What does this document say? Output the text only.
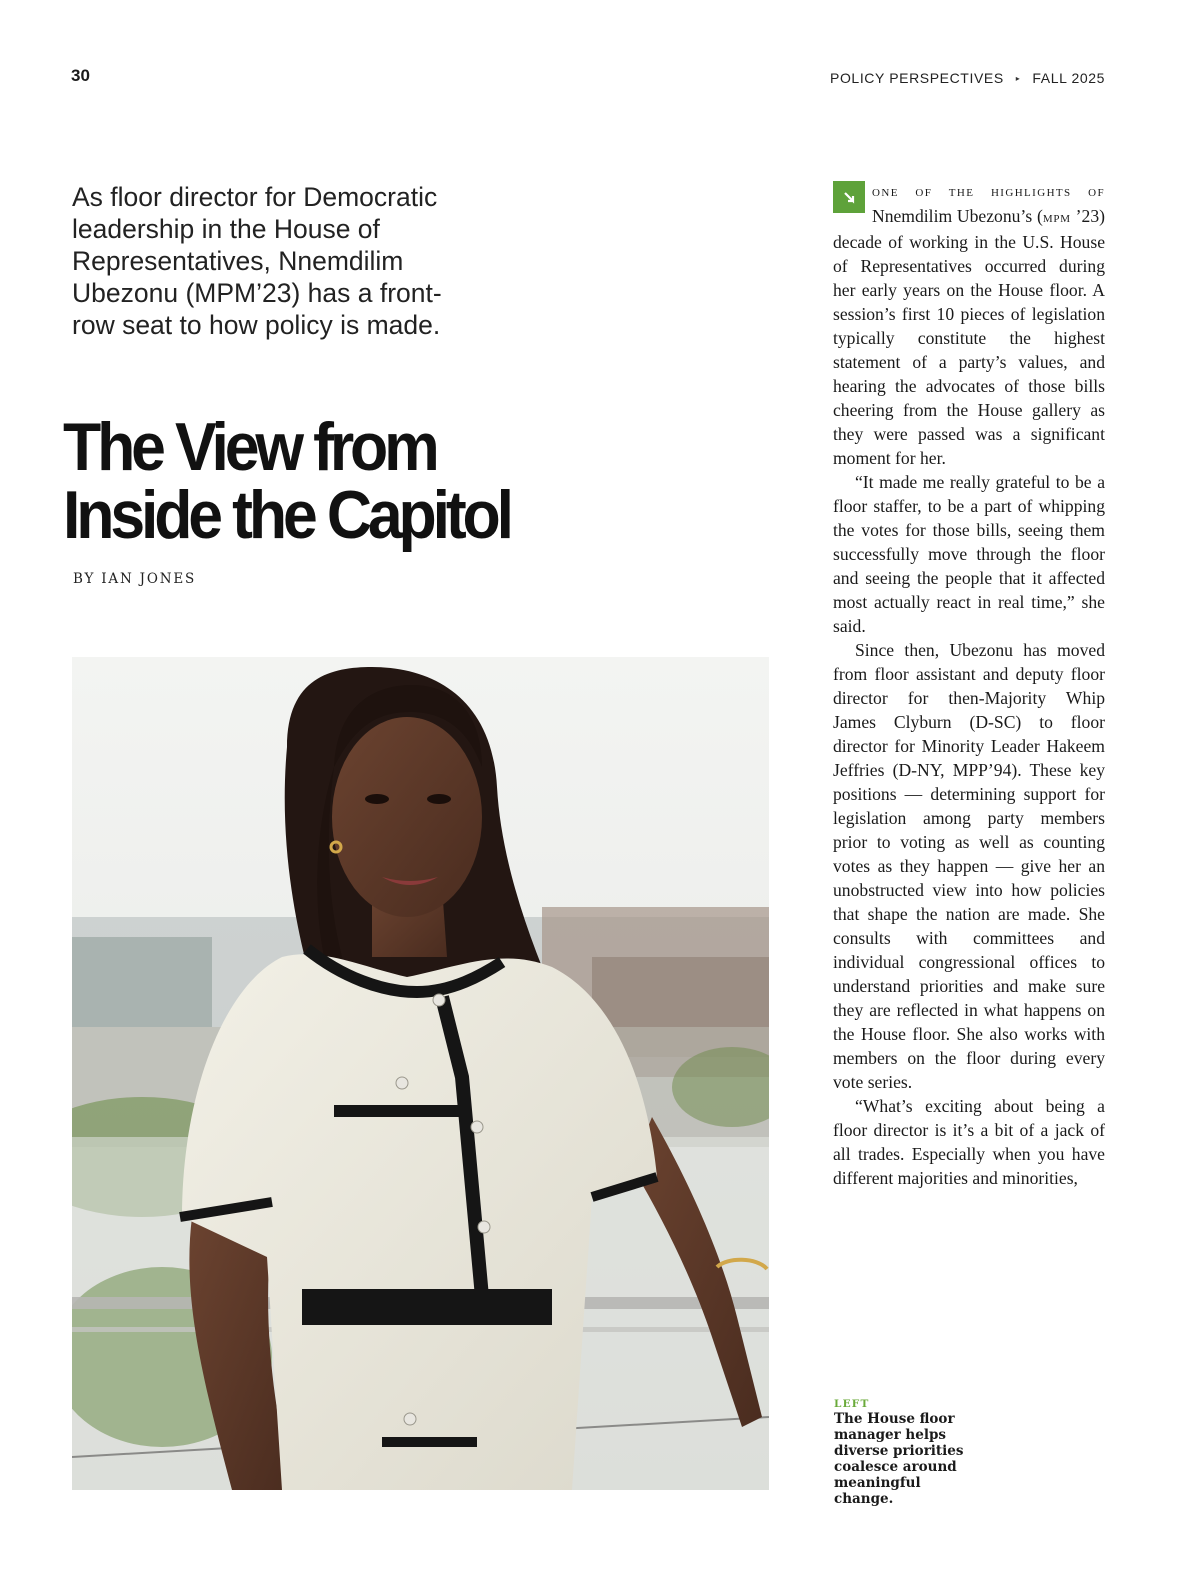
30	POLICY PERSPECTIVES ▸ FALL 2025
As floor director for Democratic leadership in the House of Representatives, Nnemdilim Ubezonu (MPM’23) has a front-row seat to how policy is made.
The View from
Inside the Capitol
BY IAN JONES

one of the highlights of Nnemdilim Ubezonu’s (mpm ’23) decade of working in the U.S. House of Representatives occurred during her early years on the House floor. A session’s first 10 pieces of legislation typically constitute the highest statement of a party’s values, and hearing the advocates of those bills cheering from the House gallery as they were passed was a significant moment for her.

“It made me really grateful to be a floor staffer, to be a part of whipping the votes for those bills, seeing them successfully move through the floor and seeing the people that it affected most actually react in real time,” she said.

Since then, Ubezonu has moved from floor assistant and deputy floor director for then-Majority Whip James Clyburn (D-SC) to floor director for Minority Leader Hakeem Jeffries (D-NY, MPP’94). These key positions — determining support for legislation among party members prior to voting as well as counting votes as they happen — give her an unobstructed view into how policies that shape the nation are made. She consults with committees and individual congressional offices to understand priorities and make sure they are reflected in what happens on the House floor. She also works with members on the floor during every vote series.

“What’s exciting about being a floor director is it’s a bit of a jack of all trades. Especially when you have different majorities and minorities,

LEFT
The House floor manager helps diverse priorities coalesce around meaningful change.
